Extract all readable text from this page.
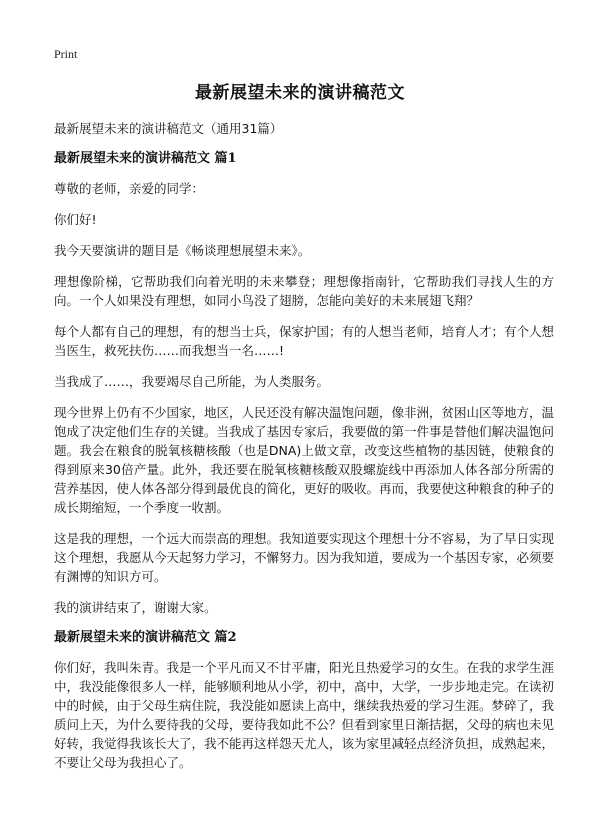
Print
最新展望未来的演讲稿范文

最新展望未来的演讲稿范文（通用31篇）

最新展望未来的演讲稿范文 篇1

尊敬的老师，亲爱的同学：

你们好!

我今天要演讲的题目是《畅谈理想展望未来》。

理想像阶梯，它帮助我们向着光明的未来攀登；理想像指南针，它帮助我们寻找人生的方向。一个人如果没有理想，如同小鸟没了翅膀，怎能向美好的未来展翅飞翔？

每个人都有自己的理想，有的想当士兵，保家护国；有的人想当老师，培育人才；有个人想当医生，救死扶伤……而我想当一名……!

当我成了……，我要竭尽自己所能，为人类服务。

现今世界上仍有不少国家，地区，人民还没有解决温饱问题，像非洲，贫困山区等地方，温饱成了决定他们生存的关键。当我成了基因专家后，我要做的第一件事是替他们解决温饱问题。我会在粮食的脱氧核糖核酸（也是DNA)上做文章，改变这些植物的基因链，使粮食的得到原来30倍产量。此外，我还要在脱氧核糖核酸双股螺旋线中再添加人体各部分所需的营养基因，使人体各部分得到最优良的简化，更好的吸收。再而，我要使这种粮食的种子的成长期缩短，一个季度一收割。

这是我的理想，一个远大而崇高的理想。我知道要实现这个理想十分不容易，为了早日实现这个理想，我愿从今天起努力学习，不懈努力。因为我知道，要成为一个基因专家，必须要有渊博的知识方可。

我的演讲结束了，谢谢大家。

最新展望未来的演讲稿范文 篇2

你们好，我叫朱青。我是一个平凡而又不甘平庸，阳光且热爱学习的女生。在我的求学生涯中，我没能像很多人一样，能够顺利地从小学，初中，高中，大学，一步步地走完。在读初中的时候，由于父母生病住院，我没能如愿读上高中，继续我热爱的学习生涯。梦碎了，我质问上天，为什么要待我的父母，要待我如此不公？但看到家里日渐拮据，父母的病也未见好转，我觉得我该长大了，我不能再这样怨天尤人，该为家里减轻点经济负担，成熟起来，不要让父母为我担心了。
